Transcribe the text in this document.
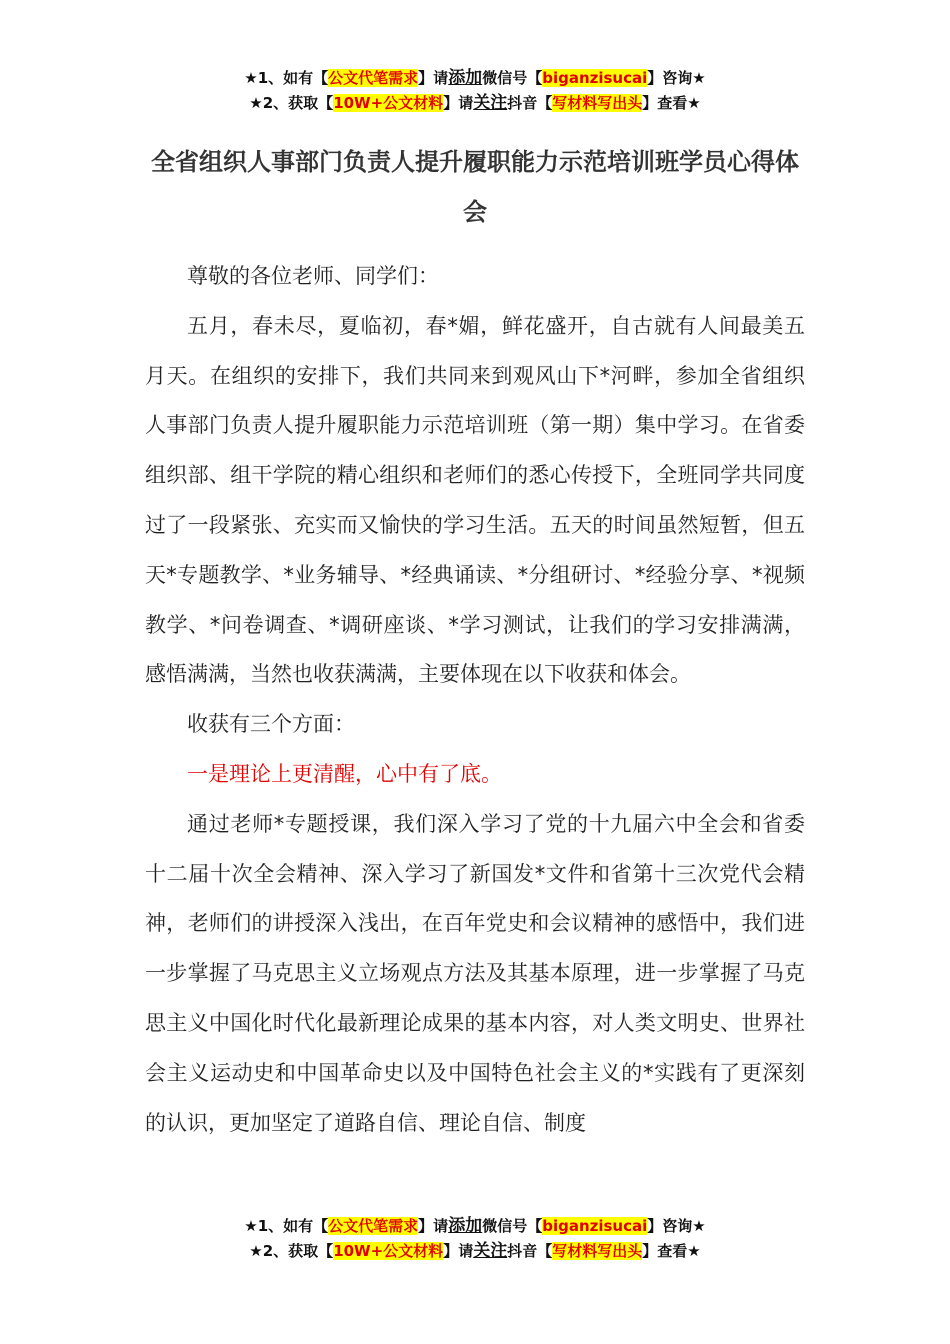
★1、如有【公文代笔需求】请添加微信号【biganzisucai】咨询★
★2、获取【10W+公文材料】请关注抖音【写材料写出头】查看★
全省组织人事部门负责人提升履职能力示范培训班学员心得体会

尊敬的各位老师、同学们：

五月，春未尽，夏临初，春*媚，鲜花盛开，自古就有人间最美五月天。在组织的安排下，我们共同来到观风山下*河畔，参加全省组织人事部门负责人提升履职能力示范培训班（第一期）集中学习。在省委组织部、组干学院的精心组织和老师们的悉心传授下，全班同学共同度过了一段紧张、充实而又愉快的学习生活。五天的时间虽然短暂，但五天*专题教学、*业务辅导、*经典诵读、*分组研讨、*经验分享、*视频教学、*问卷调查、*调研座谈、*学习测试，让我们的学习安排满满，感悟满满，当然也收获满满，主要体现在以下收获和体会。

收获有三个方面：

一是理论上更清醒，心中有了底。

通过老师*专题授课，我们深入学习了党的十九届六中全会和省委十二届十次全会精神、深入学习了新国发*文件和省第十三次党代会精神，老师们的讲授深入浅出，在百年党史和会议精神的感悟中，我们进一步掌握了马克思主义立场观点方法及其基本原理，进一步掌握了马克思主义中国化时代化最新理论成果的基本内容，对人类文明史、世界社会主义运动史和中国革命史以及中国特色社会主义的*实践有了更深刻的认识，更加坚定了道路自信、理论自信、制度

★1、如有【公文代笔需求】请添加微信号【biganzisucai】咨询★
★2、获取【10W+公文材料】请关注抖音【写材料写出头】查看★
